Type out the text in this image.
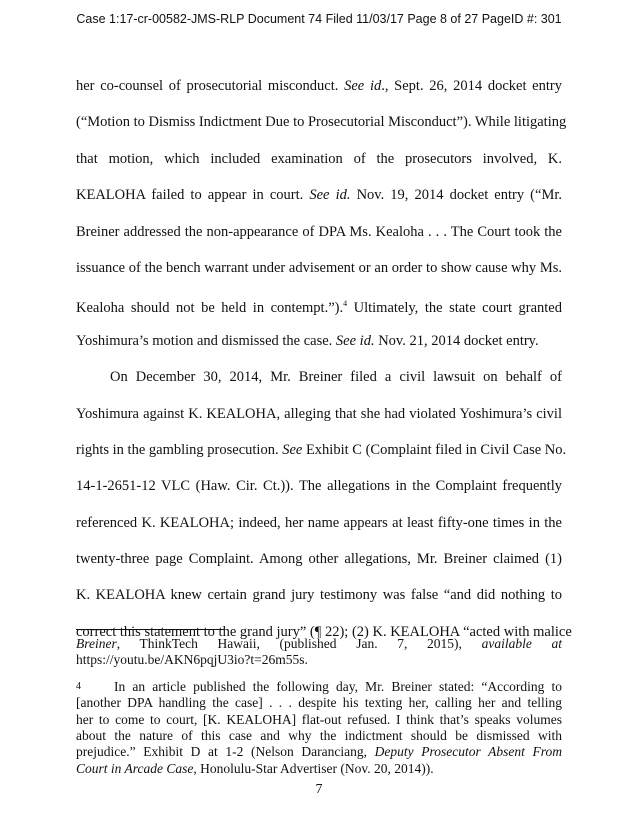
Case 1:17-cr-00582-JMS-RLP Document 74 Filed 11/03/17 Page 8 of 27 PageID #: 301
her co-counsel of prosecutorial misconduct. See id., Sept. 26, 2014 docket entry
(“Motion to Dismiss Indictment Due to Prosecutorial Misconduct”). While litigating
that motion, which included examination of the prosecutors involved, K.
KEALOHA failed to appear in court. See id. Nov. 19, 2014 docket entry (“Mr.
Breiner addressed the non-appearance of DPA Ms. Kealoha . . . The Court took the
issuance of the bench warrant under advisement or an order to show cause why Ms.
Kealoha should not be held in contempt.”).$^4$ Ultimately, the state court granted
Yoshimura’s motion and dismissed the case. See id. Nov. 21, 2014 docket entry.
On December 30, 2014, Mr. Breiner filed a civil lawsuit on behalf of
Yoshimura against K. KEALOHA, alleging that she had violated Yoshimura’s civil
rights in the gambling prosecution. See Exhibit C (Complaint filed in Civil Case No.
14-1-2651-12 VLC (Haw. Cir. Ct.)). The allegations in the Complaint frequently
referenced K. KEALOHA; indeed, her name appears at least fifty-one times in the
twenty-three page Complaint. Among other allegations, Mr. Breiner claimed (1)
K. KEALOHA knew certain grand jury testimony was false “and did nothing to
correct this statement to the grand jury” (¶ 22); (2) K. KEALOHA “acted with malice
Breiner, ThinkTech Hawaii, (published Jan. 7, 2015), available at
https://youtu.be/AKN6pqjU3io?t=26m55s.
4 In an article published the following day, Mr. Breiner stated: “According to
[another DPA handling the case] . . . despite his texting her, calling her and telling
her to come to court, [K. KEALOHA] flat-out refused. I think that’s speaks volumes
about the nature of this case and why the indictment should be dismissed with
prejudice.” Exhibit D at 1-2 (Nelson Daranciang, Deputy Prosecutor Absent From
Court in Arcade Case, Honolulu-Star Advertiser (Nov. 20, 2014)).
7
